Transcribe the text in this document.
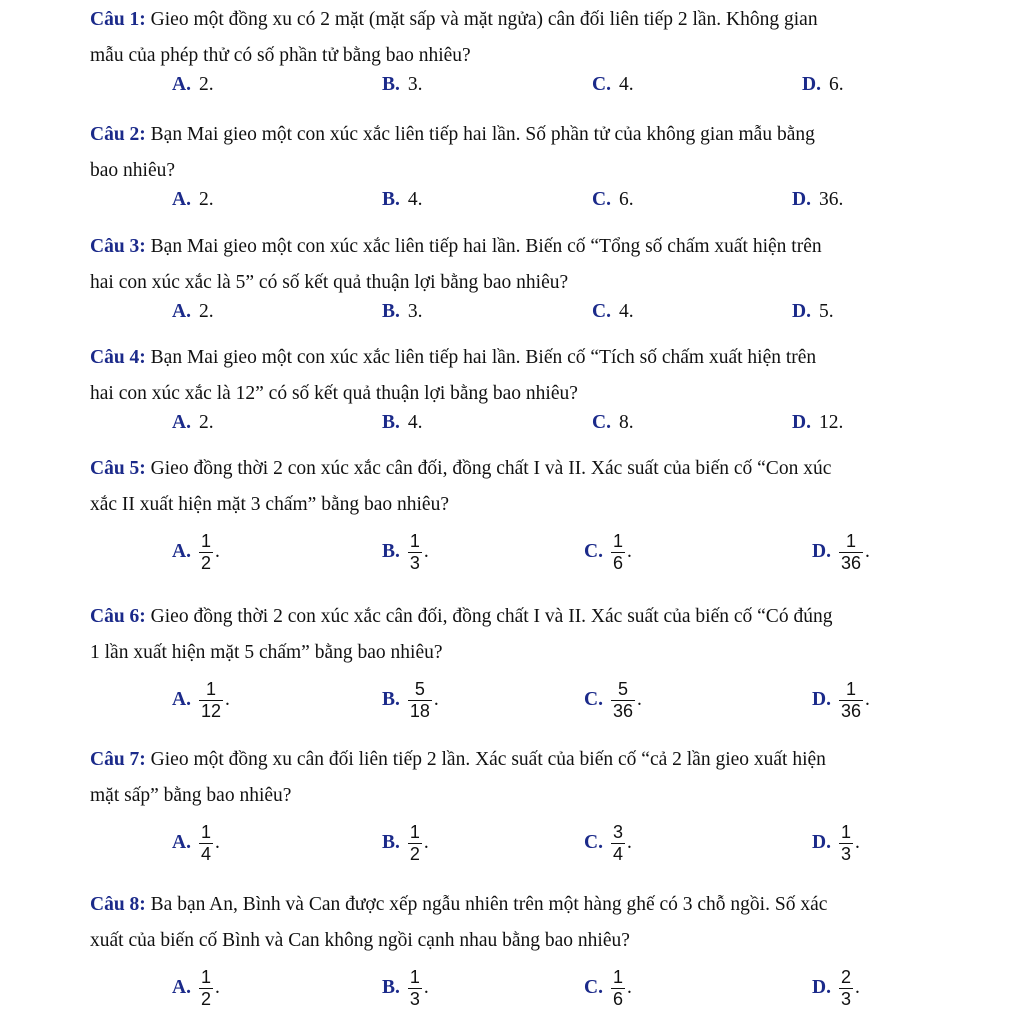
Câu 1: Gieo một đồng xu có 2 mặt (mặt sấp và mặt ngửa) cân đối liên tiếp 2 lần. Không gian
mẫu của phép thử có số phần tử bằng bao nhiêu?

A. 2.	B. 3.	C. 4.	D. 6.

Câu 2: Bạn Mai gieo một con xúc xắc liên tiếp hai lần. Số phần tử của không gian mẫu bằng
bao nhiêu?

A. 2.	B. 4.	C. 6.	D. 36.

Câu 3: Bạn Mai gieo một con xúc xắc liên tiếp hai lần. Biến cố “Tổng số chấm xuất hiện trên
hai con xúc xắc là 5” có số kết quả thuận lợi bằng bao nhiêu?

A. 2.	B. 3.	C. 4.	D. 5.

Câu 4: Bạn Mai gieo một con xúc xắc liên tiếp hai lần. Biến cố “Tích số chấm xuất hiện trên
hai con xúc xắc là 12” có số kết quả thuận lợi bằng bao nhiêu?

A. 2.	B. 4.	C. 8.	D. 12.

Câu 5: Gieo đồng thời 2 con xúc xắc cân đối, đồng chất I và II. Xác suất của biến cố “Con xúc
xắc II xuất hiện mặt 3 chấm” bằng bao nhiêu?

A. $\frac{1}{2}$ .	B. $\frac{1}{3}$ .	C. $\frac{1}{6}$ .	D. $\frac{1}{36}$ .

Câu 6: Gieo đồng thời 2 con xúc xắc cân đối, đồng chất I và II. Xác suất của biến cố “Có đúng
1 lần xuất hiện mặt 5 chấm” bằng bao nhiêu?

A. $\frac{1}{12}$ .	B. $\frac{5}{18}$ .	C. $\frac{5}{36}$ .	D. $\frac{1}{36}$ .

Câu 7: Gieo một đồng xu cân đối liên tiếp 2 lần. Xác suất của biến cố “cả 2 lần gieo xuất hiện
mặt sấp” bằng bao nhiêu?

A. $\frac{1}{4}$ .	B. $\frac{1}{2}$ .	C. $\frac{3}{4}$ .	D. $\frac{1}{3}$ .

Câu 8: Ba bạn An, Bình và Can được xếp ngẫu nhiên trên một hàng ghế có 3 chỗ ngồi. Số xác
xuất của biến cố Bình và Can không ngồi cạnh nhau bằng bao nhiêu?

A. $\frac{1}{2}$ .	B. $\frac{1}{3}$ .	C. $\frac{1}{6}$ .	D. $\frac{2}{3}$ .
